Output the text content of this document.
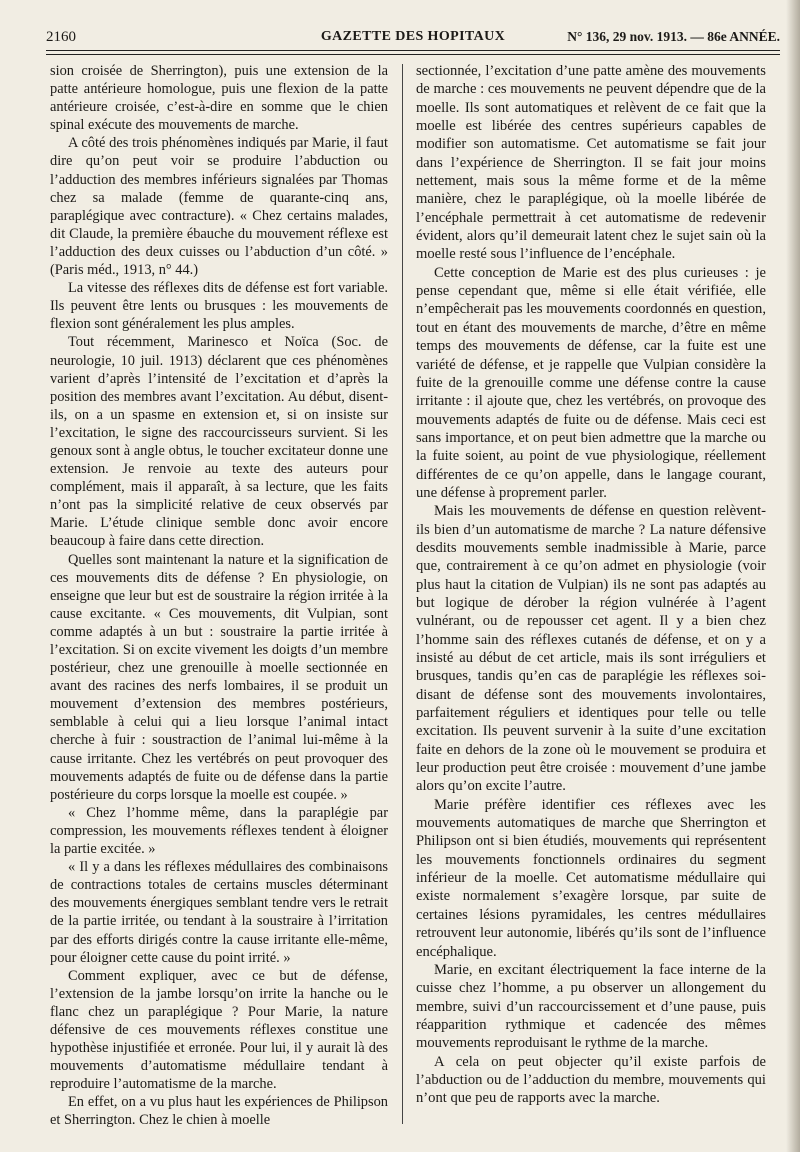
2160	GAZETTE DES HOPITAUX	N° 136, 29 nov. 1913. — 86e ANNÉE.

sion croisée de Sherrington), puis une extension de la patte antérieure homologue, puis une flexion de la patte antérieure croisée, c’est-à-dire en somme que le chien spinal exécute des mouvements de marche.

A côté des trois phénomènes indiqués par Marie, il faut dire qu’on peut voir se produire l’abduction ou l’adduction des membres inférieurs signalées par Thomas chez sa malade (femme de quarante-cinq ans, paraplégique avec contracture). « Chez certains malades, dit Claude, la première ébauche du mouvement réflexe est l’adduction des deux cuisses ou l’abduction d’un côté. » (Paris méd., 1913, n° 44.)

La vitesse des réflexes dits de défense est fort variable. Ils peuvent être lents ou brusques : les mouvements de flexion sont généralement les plus amples.

Tout récemment, Marinesco et Noïca (Soc. de neurologie, 10 juil. 1913) déclarent que ces phénomènes varient d’après l’intensité de l’excitation et d’après la position des membres avant l’excitation. Au début, disent-ils, on a un spasme en extension et, si on insiste sur l’excitation, le signe des raccourcisseurs survient. Si les genoux sont à angle obtus, le toucher excitateur donne une extension. Je renvoie au texte des auteurs pour complément, mais il apparaît, à sa lecture, que les faits n’ont pas la simplicité relative de ceux observés par Marie. L’étude clinique semble donc avoir encore beaucoup à faire dans cette direction.

Quelles sont maintenant la nature et la signification de ces mouvements dits de défense ? En physiologie, on enseigne que leur but est de soustraire la région irritée à la cause excitante. « Ces mouvements, dit Vulpian, sont comme adaptés à un but : soustraire la partie irritée à l’excitation. Si on excite vivement les doigts d’un membre postérieur, chez une grenouille à moelle sectionnée en avant des racines des nerfs lombaires, il se produit un mouvement d’extension des membres postérieurs, semblable à celui qui a lieu lorsque l’animal intact cherche à fuir : soustraction de l’animal lui-même à la cause irritante. Chez les vertébrés on peut provoquer des mouvements adaptés de fuite ou de défense dans la partie postérieure du corps lorsque la moelle est coupée. »

« Chez l’homme même, dans la paraplégie par compression, les mouvements réflexes tendent à éloigner la partie excitée. »

« Il y a dans les réflexes médullaires des combinaisons de contractions totales de certains muscles déterminant des mouvements énergiques semblant tendre vers le retrait de la partie irritée, ou tendant à la soustraire à l’irritation par des efforts dirigés contre la cause irritante elle-même, pour éloigner cette cause du point irrité. »

Comment expliquer, avec ce but de défense, l’extension de la jambe lorsqu’on irrite la hanche ou le flanc chez un paraplégique ? Pour Marie, la nature défensive de ces mouvements réflexes constitue une hypothèse injustifiée et erronée. Pour lui, il y aurait là des mouvements d’automatisme médullaire tendant à reproduire l’automatisme de la marche.

En effet, on a vu plus haut les expériences de Philipson et Sherrington. Chez le chien à moelle

sectionnée, l’excitation d’une patte amène des mouvements de marche : ces mouvements ne peuvent dépendre que de la moelle. Ils sont automatiques et relèvent de ce fait que la moelle est libérée des centres supérieurs capables de modifier son automatisme. Cet automatisme se fait jour dans l’expérience de Sherrington. Il se fait jour moins nettement, mais sous la même forme et de la même manière, chez le paraplégique, où la moelle libérée de l’encéphale permettrait à cet automatisme de redevenir évident, alors qu’il demeurait latent chez le sujet sain où la moelle resté sous l’influence de l’encéphale.

Cette conception de Marie est des plus curieuses : je pense cependant que, même si elle était vérifiée, elle n’empêcherait pas les mouvements coordonnés en question, tout en étant des mouvements de marche, d’être en même temps des mouvements de défense, car la fuite est une variété de défense, et je rappelle que Vulpian considère la fuite de la grenouille comme une défense contre la cause irritante : il ajoute que, chez les vertébrés, on provoque des mouvements adaptés de fuite ou de défense. Mais ceci est sans importance, et on peut bien admettre que la marche ou la fuite soient, au point de vue physiologique, réellement différentes de ce qu’on appelle, dans le langage courant, une défense à proprement parler.

Mais les mouvements de défense en question relèvent-ils bien d’un automatisme de marche ? La nature défensive desdits mouvements semble inadmissible à Marie, parce que, contrairement à ce qu’on admet en physiologie (voir plus haut la citation de Vulpian) ils ne sont pas adaptés au but logique de dérober la région vulnérée à l’agent vulnérant, ou de repousser cet agent. Il y a bien chez l’homme sain des réflexes cutanés de défense, et on y a insisté au début de cet article, mais ils sont irréguliers et brusques, tandis qu’en cas de paraplégie les réflexes soi-disant de défense sont des mouvements involontaires, parfaitement réguliers et identiques pour telle ou telle excitation. Ils peuvent survenir à la suite d’une excitation faite en dehors de la zone où le mouvement se produira et leur production peut être croisée : mouvement d’une jambe alors qu’on excite l’autre.

Marie préfère identifier ces réflexes avec les mouvements automatiques de marche que Sherrington et Philipson ont si bien étudiés, mouvements qui représentent les mouvements fonctionnels ordinaires du segment inférieur de la moelle. Cet automatisme médullaire qui existe normalement s’exagère lorsque, par suite de certaines lésions pyramidales, les centres médullaires retrouvent leur autonomie, libérés qu’ils sont de l’influence encéphalique.

Marie, en excitant électriquement la face interne de la cuisse chez l’homme, a pu observer un allongement du membre, suivi d’un raccourcissement et d’une pause, puis réapparition rythmique et cadencée des mêmes mouvements reproduisant le rythme de la marche.

A cela on peut objecter qu’il existe parfois de l’abduction ou de l’adduction du membre, mouvements qui n’ont que peu de rapports avec la marche.
